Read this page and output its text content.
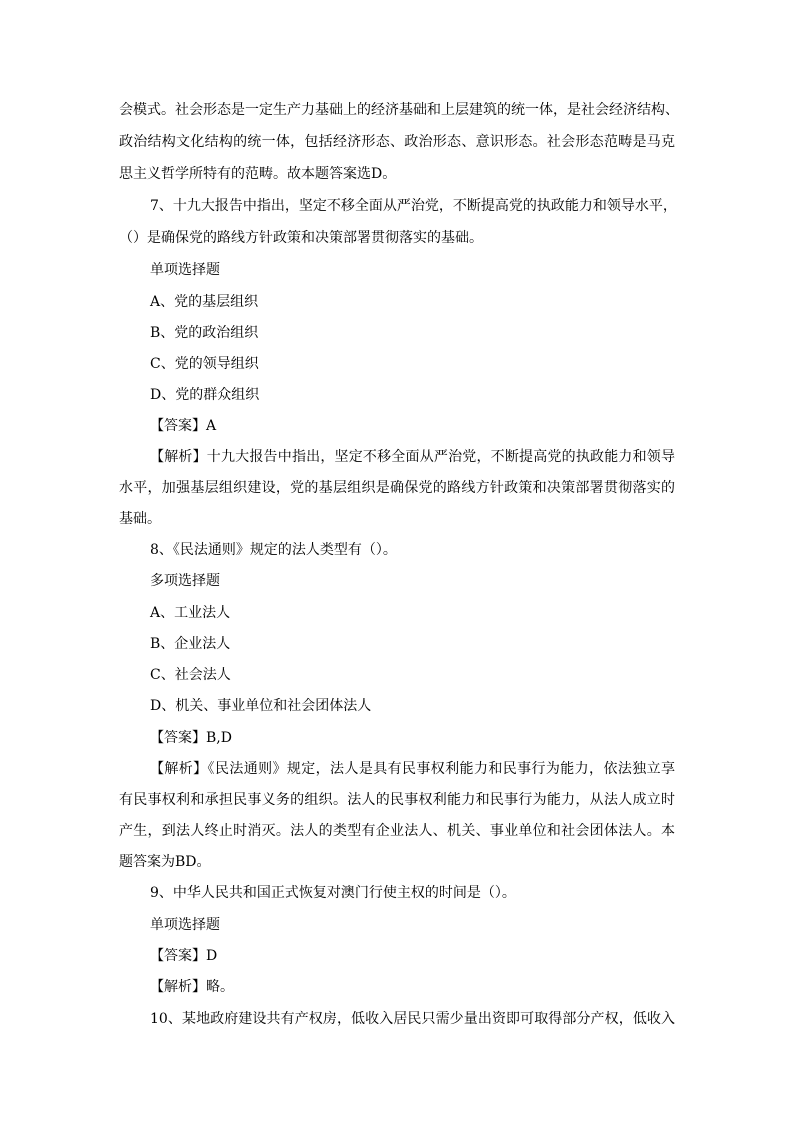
会模式。社会形态是一定生产力基础上的经济基础和上层建筑的统一体，是社会经济结构、
政治结构文化结构的统一体，包括经济形态、政治形态、意识形态。社会形态范畴是马克
思主义哲学所特有的范畴。故本题答案选D。
7、十九大报告中指出，坚定不移全面从严治党，不断提高党的执政能力和领导水平，
（）是确保党的路线方针政策和决策部署贯彻落实的基础。
单项选择题
A、党的基层组织
B、党的政治组织
C、党的领导组织
D、党的群众组织
【答案】A
【解析】十九大报告中指出，坚定不移全面从严治党，不断提高党的执政能力和领导
水平，加强基层组织建设，党的基层组织是确保党的路线方针政策和决策部署贯彻落实的
基础。
8、《民法通则》规定的法人类型有（）。
多项选择题
A、工业法人
B、企业法人
C、社会法人
D、机关、事业单位和社会团体法人
【答案】B,D
【解析】《民法通则》规定，法人是具有民事权利能力和民事行为能力，依法独立享
有民事权利和承担民事义务的组织。法人的民事权利能力和民事行为能力，从法人成立时
产生，到法人终止时消灭。法人的类型有企业法人、机关、事业单位和社会团体法人。本
题答案为BD。
9、中华人民共和国正式恢复对澳门行使主权的时间是（）。
单项选择题
【答案】D
【解析】略。
10、某地政府建设共有产权房，低收入居民只需少量出资即可取得部分产权，低收入
